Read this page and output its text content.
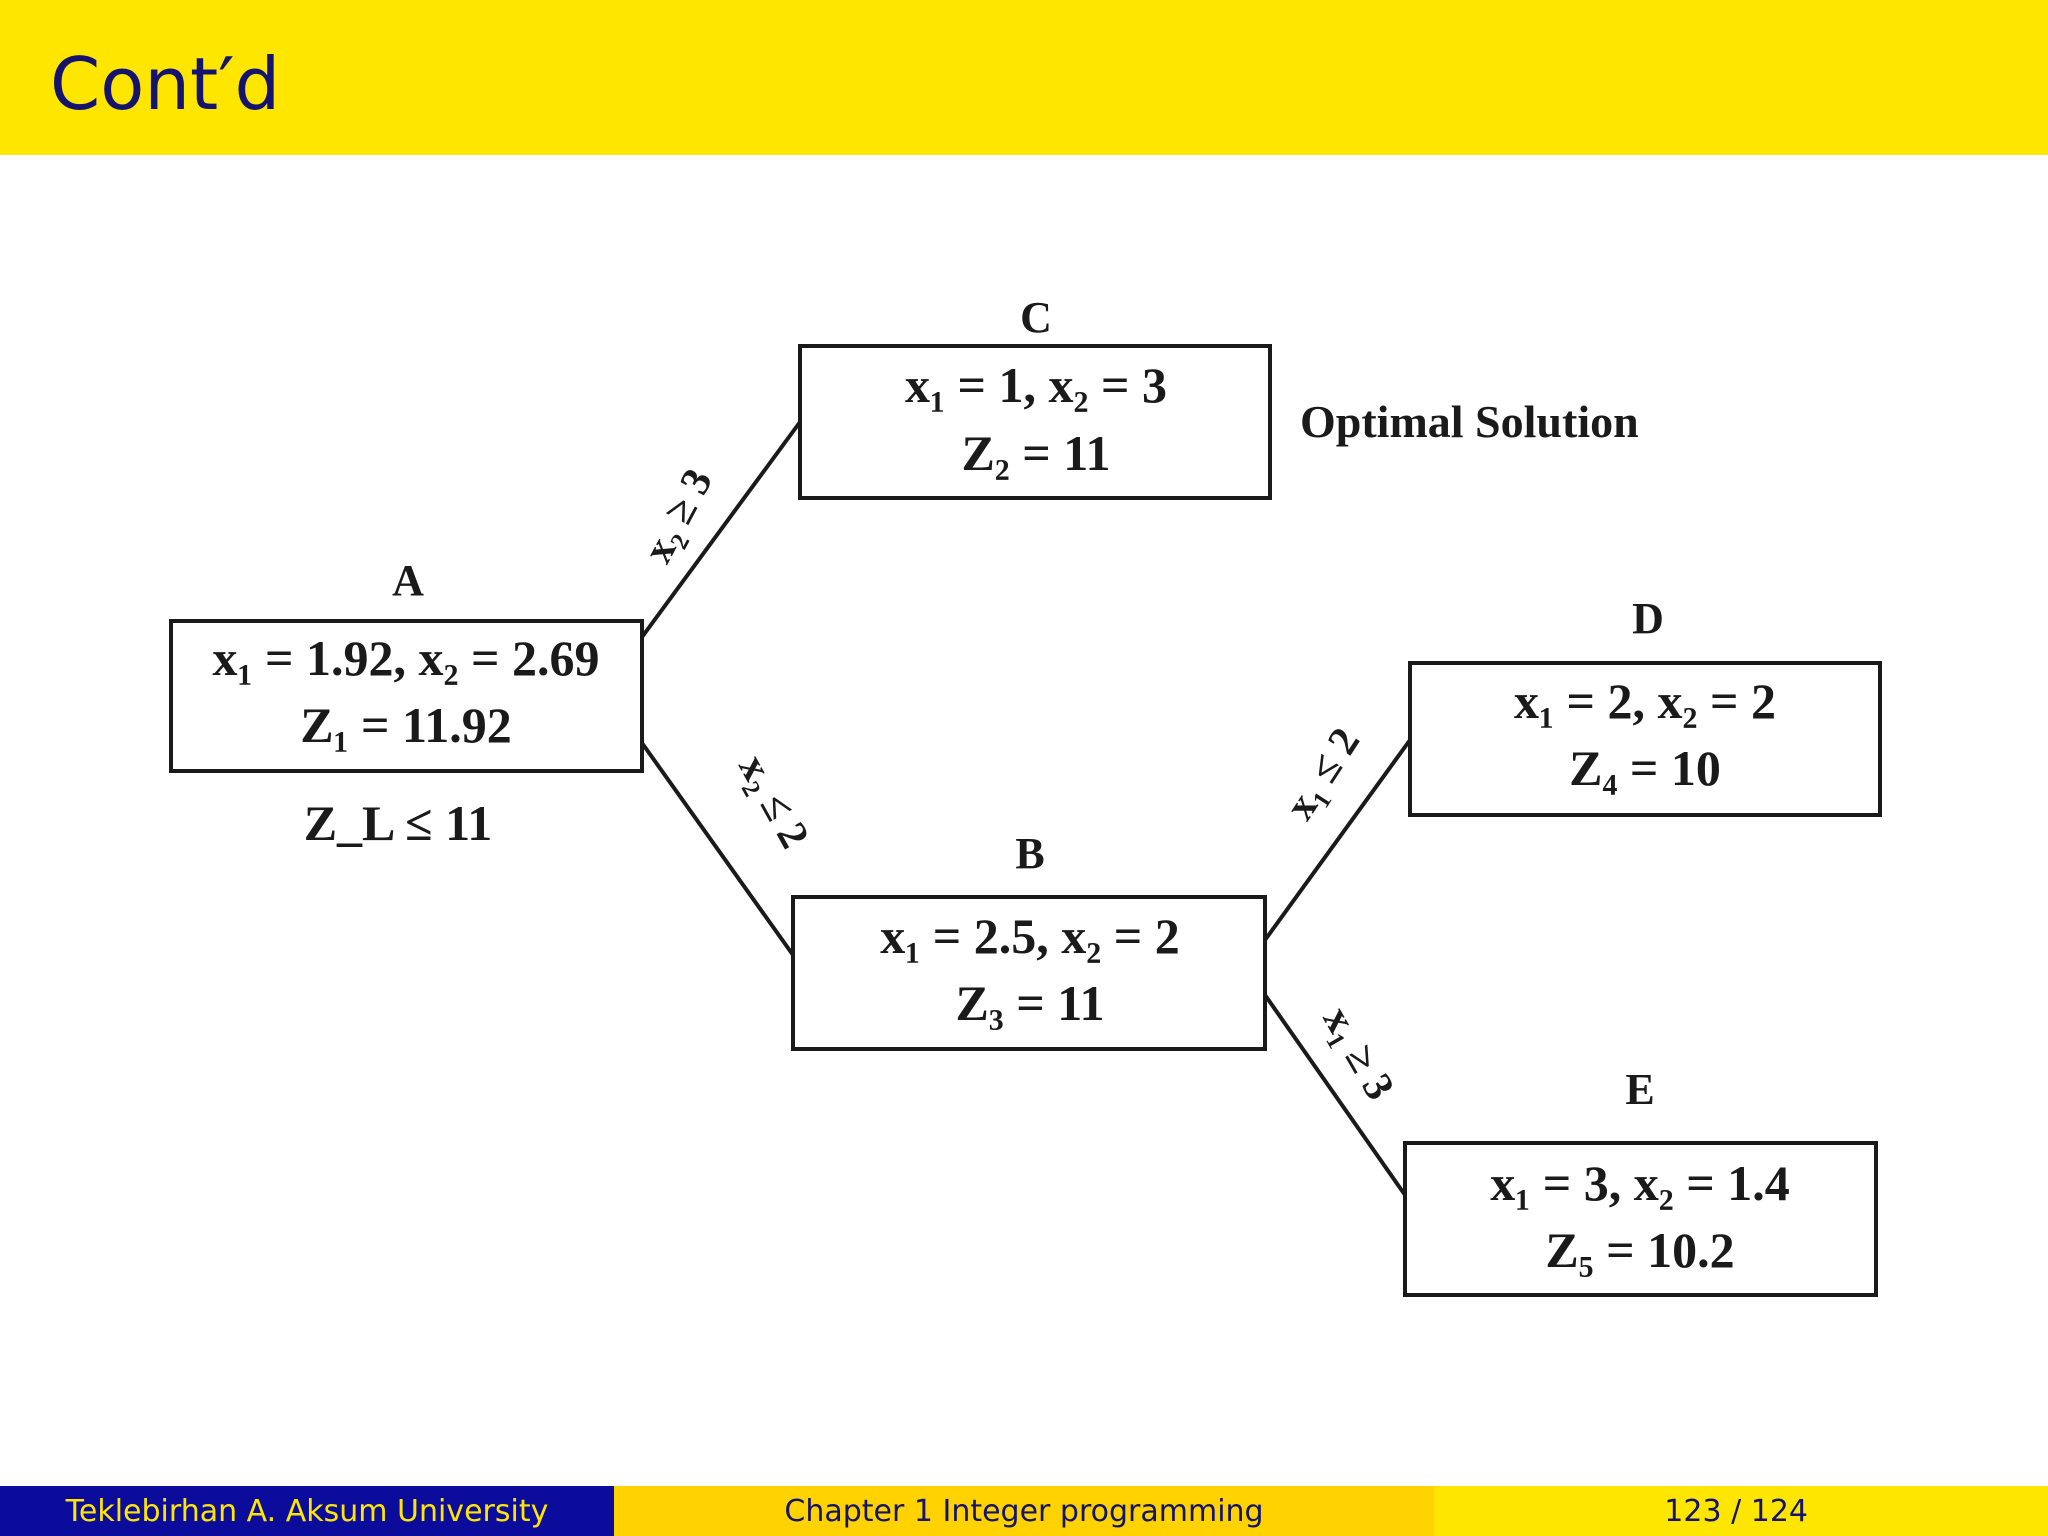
Cont′d
x₂ ≥ 3
x₂ ≤ 2	x₁ ≤ 2
x₁ ≥ 3
A
x₁ = 1.92, x₂ = 2.69
Z₁ = 11.92
Z_L ≤ 11
C
x₁ = 1, x₂ = 3
Z₂ = 11
Optimal Solution
B
x₁ = 2.5, x₂ = 2
Z₃ = 11
D
x₁ = 2, x₂ = 2
Z₄ = 10
E
x₁ = 3, x₂ = 1.4
Z₅ = 10.2
Teklebirhan A. Aksum University	Chapter 1 Integer programming	123 / 124
